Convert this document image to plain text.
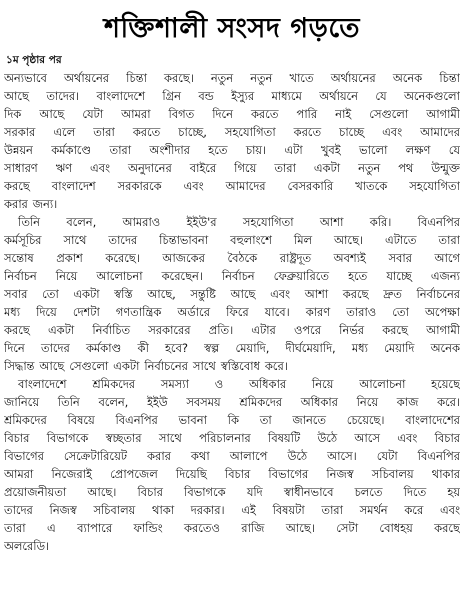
শক্তিশালী সংসদ গড়তে
১ম পৃষ্ঠার পর
অন্যভাবে অর্থায়নের চিন্তা করছে। নতুন নতুন খাতে অর্থায়নের অনেক চিন্তা
আছে তাদের। বাংলাদেশে গ্রিন বন্ড ইস্যুর মাধ্যমে অর্থায়নে যে অনেকগুলো
দিক আছে যেটা আমরা বিগত দিনে করতে পারি নাই সেগুলো আগামী
সরকার এলে তারা করতে চাচ্ছে, সহযোগিতা করতে চাচ্ছে এবং আমাদের
উন্নয়ন কর্মকাণ্ডে তারা অংশীদার হতে চায়। এটা খুবই ভালো লক্ষণ যে
সাধারণ ঋণ এবং অনুদানের বাইরে গিয়ে তারা একটা নতুন পথ উন্মুক্ত
করছে বাংলাদেশ সরকারকে এবং আমাদের বেসরকারি খাতকে সহযোগিতা
করার জন্য।
তিনি বলেন, আমরাও ইইউ'র সহযোগিতা আশা করি। বিএনপির
কর্মসূচির সাথে তাদের চিন্তাভাবনা বহুলাংশে মিল আছে। এটাতে তারা
সন্তোষ প্রকাশ করেছে। আজকের বৈঠকে রাষ্ট্রদূত অবশ্যই সবার আগে
নির্বাচন নিয়ে আলোচনা করেছেন। নির্বাচন ফেব্রুয়ারিতে হতে যাচ্ছে এজন্য
সবার তো একটা স্বস্তি আছে, সন্তুষ্টি আছে এবং আশা করছে দ্রুত নির্বাচনের
মধ্য দিয়ে দেশটা গণতান্ত্রিক অর্ডারে ফিরে যাবে। কারণ তারাও তো অপেক্ষা
করছে একটা নির্বাচিত সরকারের প্রতি। এটার ওপরে নির্ভর করছে আগামী
দিনে তাদের কর্মকাণ্ড কী হবে? স্বল্প মেয়াদি, দীর্ঘমেয়াদি, মধ্য মেয়াদি অনেক
সিদ্ধান্ত আছে সেগুলো একটা নির্বাচনের সাথে স্বস্তিবোধ করে।
বাংলাদেশে শ্রমিকদের সমস্যা ও অধিকার নিয়ে আলোচনা হয়েছে
জানিয়ে তিনি বলেন, ইইউ সবসময় শ্রমিকদের অধিকার নিয়ে কাজ করে।
শ্রমিকদের বিষয়ে বিএনপির ভাবনা কি তা জানতে চেয়েছে। বাংলাদেশের
বিচার বিভাগকে স্বচ্ছতার সাথে পরিচালনার বিষয়টি উঠে আসে এবং বিচার
বিভাগের সেক্রেটারিয়েট করার কথা আলাপে উঠে আসে। যেটা বিএনপির
আমরা নিজেরাই প্রোপজেল দিয়েছি বিচার বিভাগের নিজস্ব সচিবালয় থাকার
প্রয়োজনীয়তা আছে। বিচার বিভাগকে যদি স্বাধীনভাবে চলতে দিতে হয়
তাদের নিজস্ব সচিবালয় থাকা দরকার। এই বিষয়টা তারা সমর্থন করে এবং
তারা এ ব্যাপারে ফান্ডিং করতেও রাজি আছে। সেটা বোধহয় করছে
অলরেডি।
